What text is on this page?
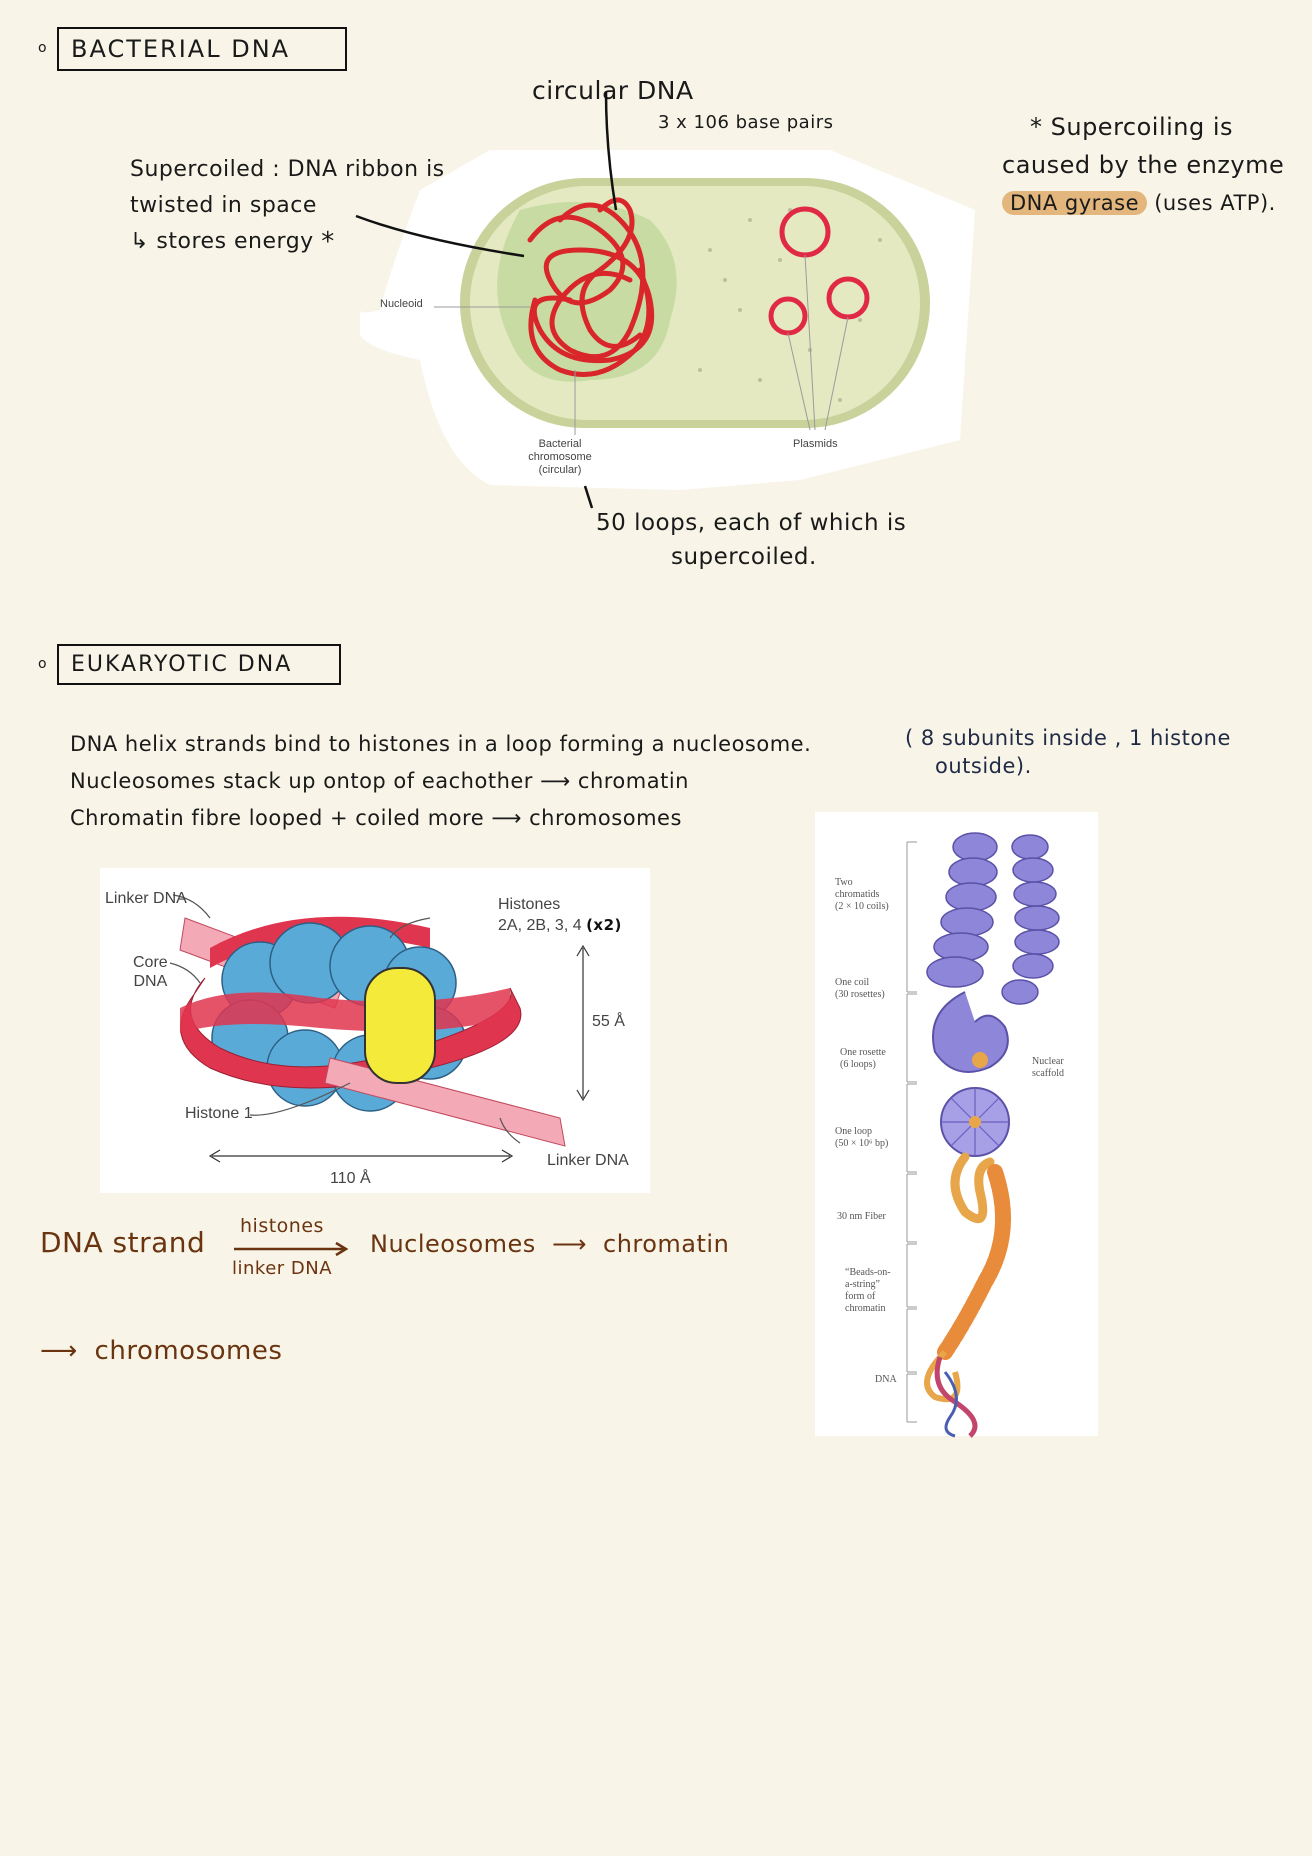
o	BACTERIAL DNA
circular DNA
3 x 106 base pairs
Supercoiled : DNA ribbon is
twisted in space
↳ stores energy *
* Supercoiling is
caused by the enzyme
DNA gyrase (uses ATP).
Nucleoid
Bacterial
chromosome
(circular)
Plasmids
50 loops, each of which is
supercoiled.
o	EUKARYOTIC DNA
DNA helix strands bind to histones in a loop forming a nucleosome.
Nucleosomes stack up ontop of eachother ⟶ chromatin
Chromatin fibre looped + coiled more ⟶ chromosomes
( 8 subunits inside , 1 histone
outside).
Linker DNA
Core
DNA
Histones
2A, 2B, 3, 4 (x2)
55 Å
Histone 1
110 Å
Linker DNA
DNA strand histones
linker DNA
Nucleosomes ⟶ chromatin
⟶ chromosomes
Two
chromatids
(2 × 10 coils)
One coil
(30 rosettes)
One rosette
(6 loops)	Nuclear
scaffold
One loop
(50 × 10⁶ bp)
30 nm Fiber
“Beads-on-
a-string”
form of
chromatin
DNA
